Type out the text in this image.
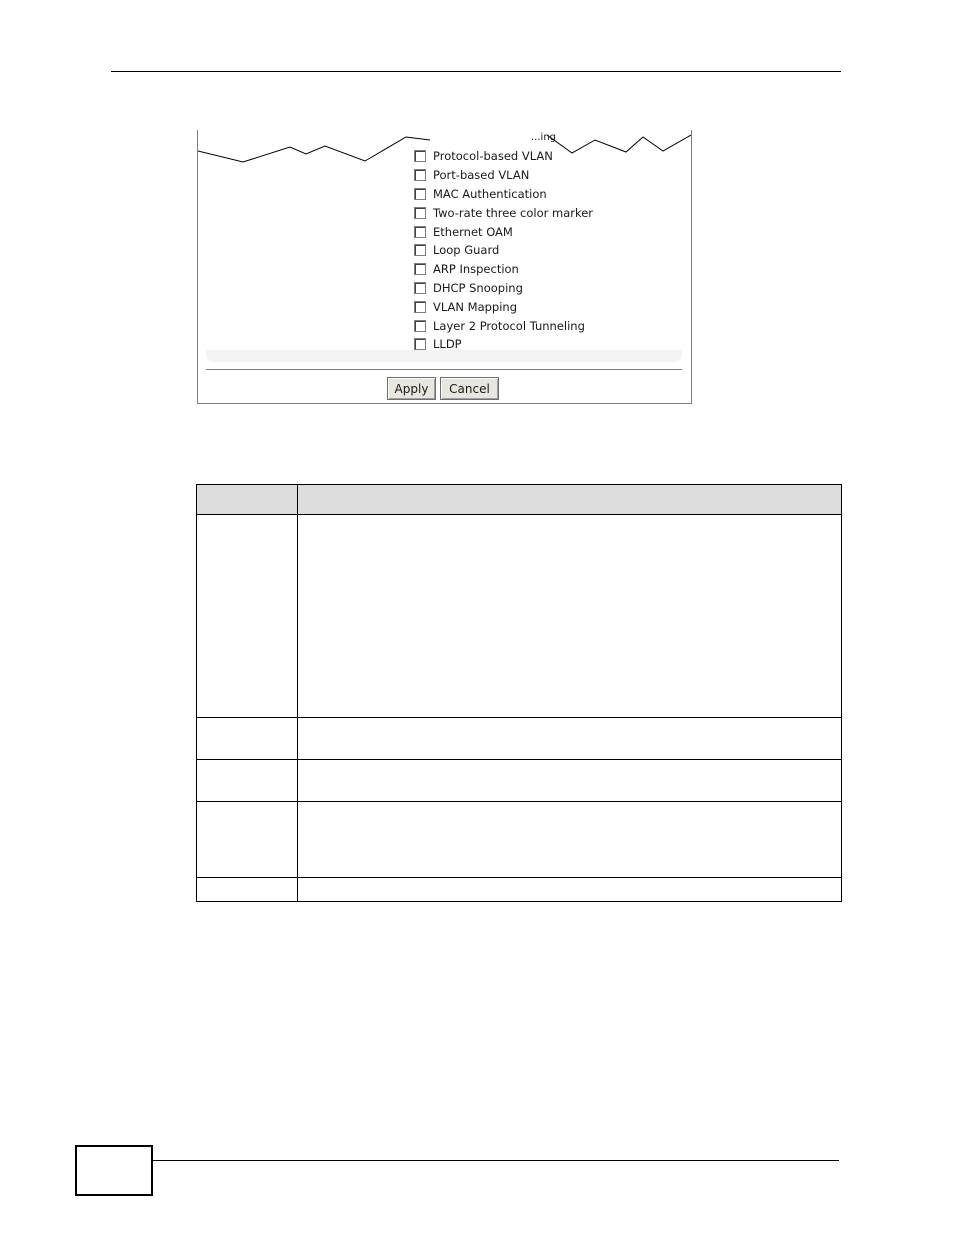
Protocol-based VLAN
Port-based VLAN
MAC Authentication
Two-rate three color marker
Ethernet OAM
Loop Guard
ARP Inspection
DHCP Snooping
VLAN Mapping
Layer 2 Protocol Tunneling
LLDP
...ing
Apply	Cancel
